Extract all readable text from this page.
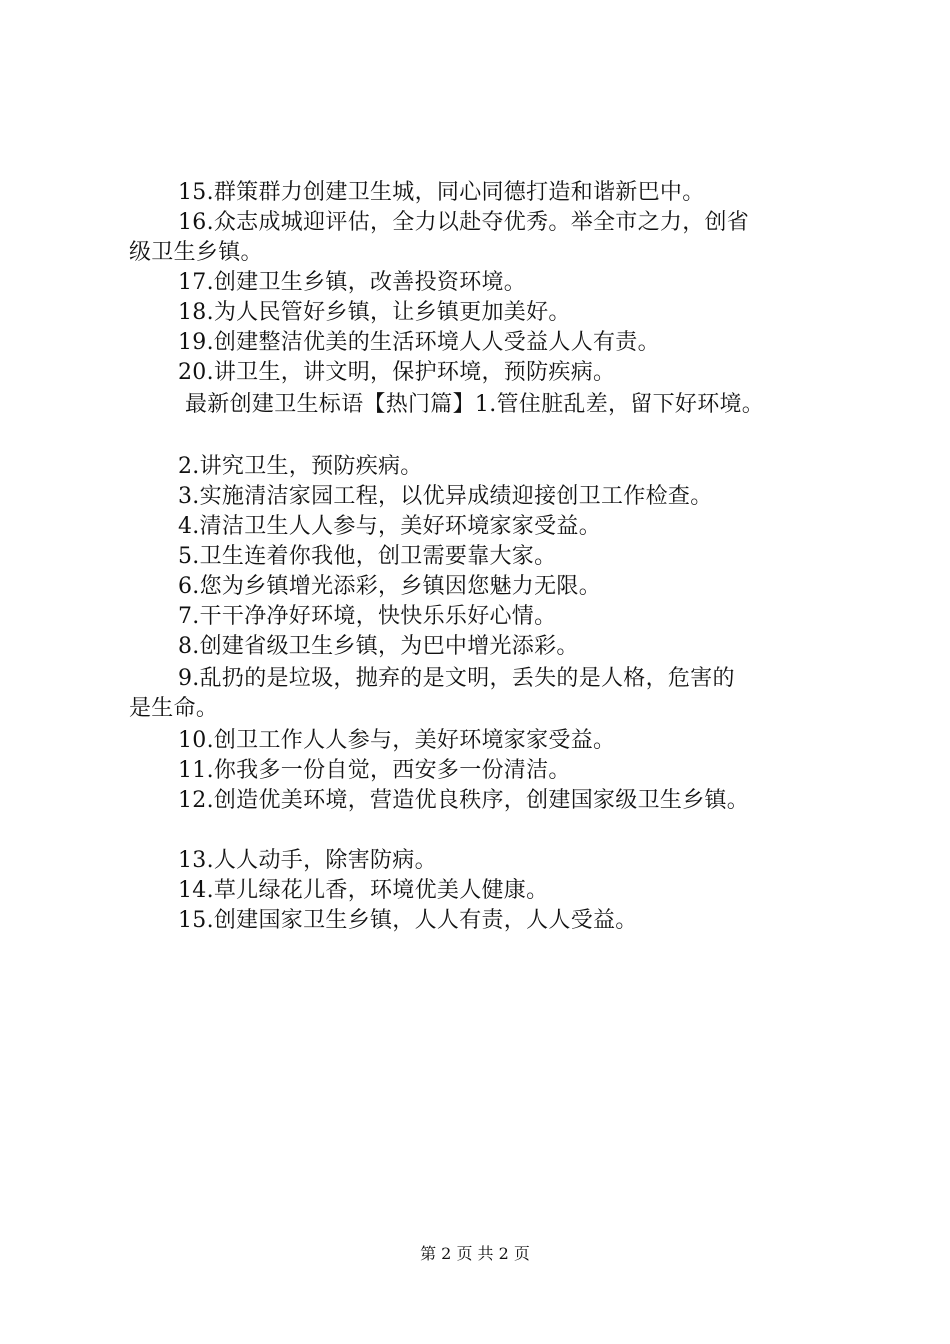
15.群策群力创建卫生城，同心同德打造和谐新巴中。
16.众志成城迎评估，全力以赴夺优秀。举全市之力，创省
级卫生乡镇。
17.创建卫生乡镇，改善投资环境。
18.为人民管好乡镇，让乡镇更加美好。
19.创建整洁优美的生活环境人人受益人人有责。
20.讲卫生，讲文明，保护环境，预防疾病。
最新创建卫生标语【热门篇】1.管住脏乱差，留下好环境。
2.讲究卫生，预防疾病。
3.实施清洁家园工程，以优异成绩迎接创卫工作检查。
4.清洁卫生人人参与，美好环境家家受益。
5.卫生连着你我他，创卫需要靠大家。
6.您为乡镇增光添彩，乡镇因您魅力无限。
7.干干净净好环境，快快乐乐好心情。
8.创建省级卫生乡镇，为巴中增光添彩。
9.乱扔的是垃圾，抛弃的是文明，丢失的是人格，危害的
是生命。
10.创卫工作人人参与，美好环境家家受益。
11.你我多一份自觉，西安多一份清洁。
12.创造优美环境，营造优良秩序，创建国家级卫生乡镇。
13.人人动手，除害防病。
14.草儿绿花儿香，环境优美人健康。
15.创建国家卫生乡镇，人人有责，人人受益。
第 2 页 共 2 页
